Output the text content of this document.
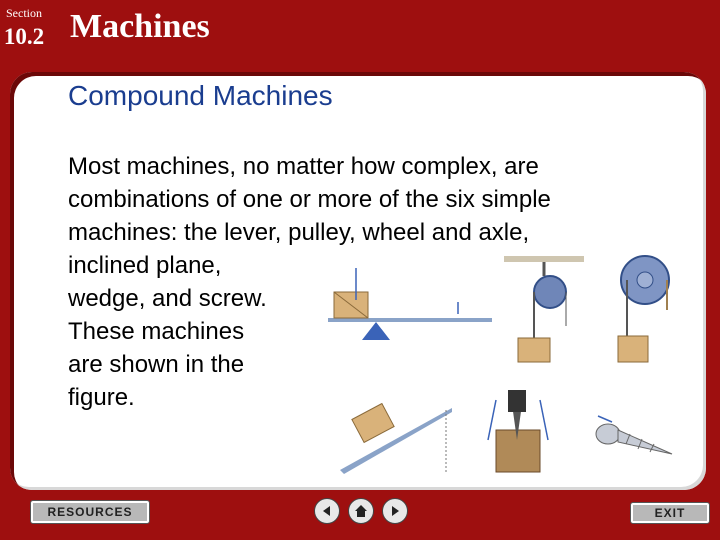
Section
10.2 Machines
Compound Machines
Most machines, no matter how complex, are
combinations of one or more of the six simple
machines: the lever, pulley, wheel and axle,
inclined plane,
wedge, and screw.
These machines
are shown in the
figure.
RESOURCES	EXIT
